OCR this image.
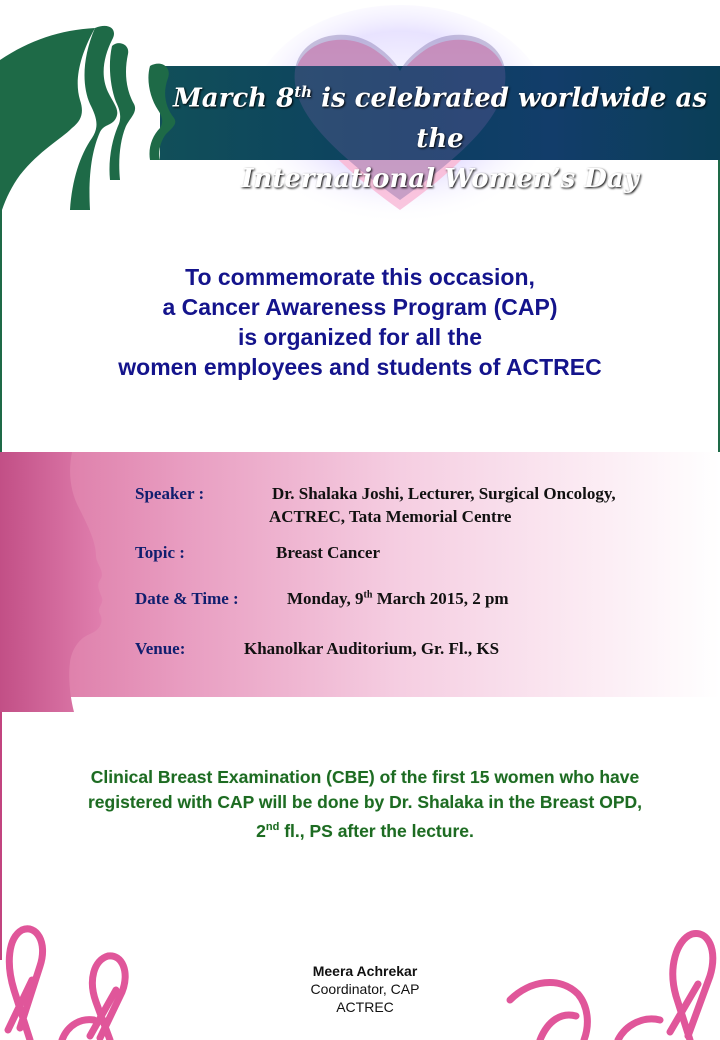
March 8th is celebrated worldwide as the
International Women’s Day
To commemorate this occasion,
a Cancer Awareness Program (CAP)
is organized for all the
women employees and students of ACTREC
Speaker :	Dr. Shalaka Joshi, Lecturer, Surgical Oncology,
ACTREC, Tata Memorial Centre
Topic :	Breast Cancer
Date & Time :	Monday, 9th March 2015, 2 pm
Venue:	Khanolkar Auditorium, Gr. Fl., KS
Clinical Breast Examination (CBE) of the first 15 women who have
registered with CAP will be done by Dr. Shalaka in the Breast OPD,
2nd fl., PS after the lecture.
Meera Achrekar
Coordinator, CAP
ACTREC
